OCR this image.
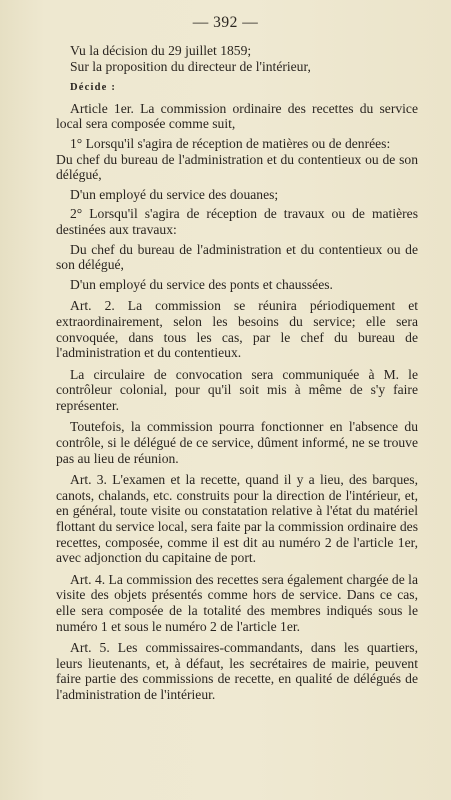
— 392 —

Vu la décision du 29 juillet 1859;

Sur la proposition du directeur de l'intérieur,

Décide :

Article 1er. La commission ordinaire des recettes du service local sera composée comme suit,

1° Lorsqu'il s'agira de réception de matières ou de denrées:

Du chef du bureau de l'administration et du contentieux ou de son délégué,

D'un employé du service des douanes;

2° Lorsqu'il s'agira de réception de travaux ou de matières destinées aux travaux:

Du chef du bureau de l'administration et du contentieux ou de son délégué,

D'un employé du service des ponts et chaussées.

Art. 2. La commission se réunira périodiquement et extraordinairement, selon les besoins du service; elle sera convoquée, dans tous les cas, par le chef du bureau de l'administration et du contentieux.

La circulaire de convocation sera communiquée à M. le contrôleur colonial, pour qu'il soit mis à même de s'y faire représenter.

Toutefois, la commission pourra fonctionner en l'absence du contrôle, si le délégué de ce service, dûment informé, ne se trouve pas au lieu de réunion.

Art. 3. L'examen et la recette, quand il y a lieu, des barques, canots, chalands, etc. construits pour la direction de l'intérieur, et, en général, toute visite ou constatation relative à l'état du matériel flottant du service local, sera faite par la commission ordinaire des recettes, composée, comme il est dit au numéro 2 de l'article 1er, avec adjonction du capitaine de port.

Art. 4. La commission des recettes sera également chargée de la visite des objets présentés comme hors de service. Dans ce cas, elle sera composée de la totalité des membres indiqués sous le numéro 1 et sous le numéro 2 de l'article 1er.

Art. 5. Les commissaires-commandants, dans les quartiers, leurs lieutenants, et, à défaut, les secrétaires de mairie, peuvent faire partie des commissions de recette, en qualité de délégués de l'administration de l'intérieur.
